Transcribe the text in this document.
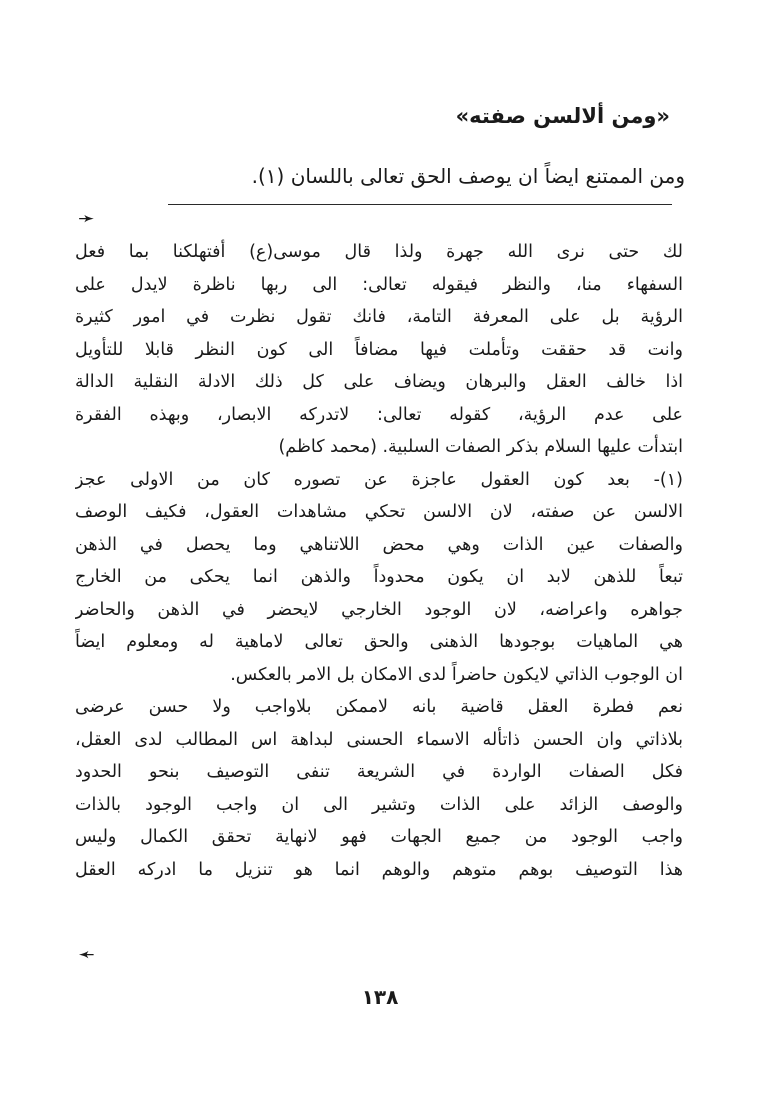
«ومن ألالسن صفته»
ومن الممتنع ايضاً ان يوصف الحق تعالى باللسان (١).
➛
لك حتى نرى الله جهرة ولذا قال موسى(ع) أفتهلكنا بما فعل
السفهاء منا، والنظر فيقوله تعالى: الى ربها ناظرة لايدل على
الرؤية بل على المعرفة التامة، فانك تقول نظرت في امور كثيرة
وانت قد حققت وتأملت فيها مضافاً الى كون النظر قابلا للتأويل
اذا خالف العقل والبرهان ويضاف على كل ذلك الادلة النقلية الدالة
على عدم الرؤية، كقوله تعالى: لاتدركه الابصار، وبهذه الفقرة
ابتدأت عليها السلام بذكر الصفات السلبية. (محمد كاظم)
(١)- بعد كون العقول عاجزة عن تصوره كان من الاولى عجز
الالسن عن صفته، لان الالسن تحكي مشاهدات العقول، فكيف الوصف
والصفات عين الذات وهي محض اللاتناهي وما يحصل في الذهن
تبعاً للذهن لابد ان يكون محدوداً والذهن انما يحكى من الخارج
جواهره واعراضه، لان الوجود الخارجي لايحضر في الذهن والحاضر
هي الماهيات بوجودها الذهنى والحق تعالى لاماهية له ومعلوم ايضاً
ان الوجوب الذاتي لايكون حاضراً لدى الامكان بل الامر بالعكس.
نعم فطرة العقل قاضية بانه لاممكن بلاواجب ولا حسن عرضى
بلاذاتي وان الحسن ذاتأله الاسماء الحسنى لبداهة اس المطالب لدى العقل،
فكل الصفات الواردة في الشريعة تنفى التوصيف بنحو الحدود
والوصف الزائد على الذات وتشير الى ان واجب الوجود بالذات
واجب الوجود من جميع الجهات فهو لانهاية تحقق الكمال وليس
هذا التوصيف بوهم متوهم والوهم انما هو تنزيل ما ادركه العقل
➛
١٣٨
